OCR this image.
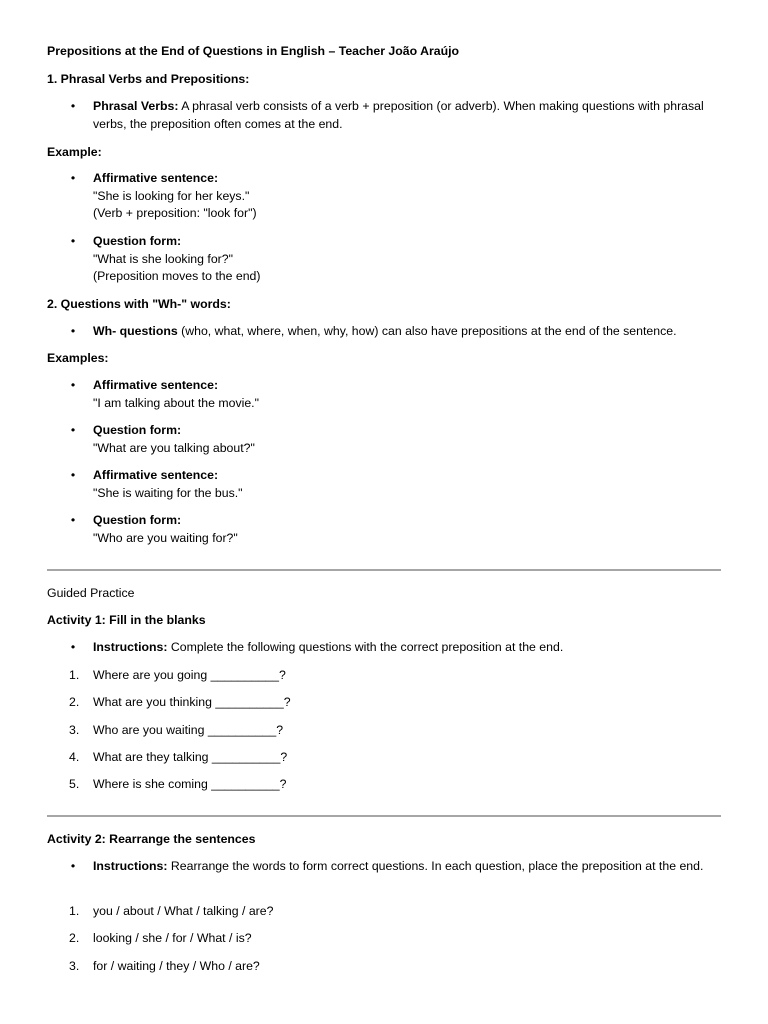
Prepositions at the End of Questions in English – Teacher João Araújo
1. Phrasal Verbs and Prepositions:
• Phrasal Verbs: A phrasal verb consists of a verb + preposition (or adverb). When making questions with phrasal verbs, the preposition often comes at the end.
Example:
• Affirmative sentence:
"She is looking for her keys."
(Verb + preposition: "look for")
• Question form:
"What is she looking for?"
(Preposition moves to the end)
2. Questions with "Wh-" words:
• Wh- questions (who, what, where, when, why, how) can also have prepositions at the end of the sentence.
Examples:
• Affirmative sentence:
"I am talking about the movie."
• Question form:
"What are you talking about?"
• Affirmative sentence:
"She is waiting for the bus."
• Question form:
"Who are you waiting for?"
Guided Practice
Activity 1: Fill in the blanks
• Instructions: Complete the following questions with the correct preposition at the end.
1.	Where are you going __________?
2.	What are you thinking __________?
3.	Who are you waiting __________?
4.	What are they talking __________?
5.	Where is she coming __________?
Activity 2: Rearrange the sentences
• Instructions: Rearrange the words to form correct questions. In each question, place the preposition at the end.
1.	you / about / What / talking / are?
2.	looking / she / for / What / is?
3.	for / waiting / they / Who / are?
